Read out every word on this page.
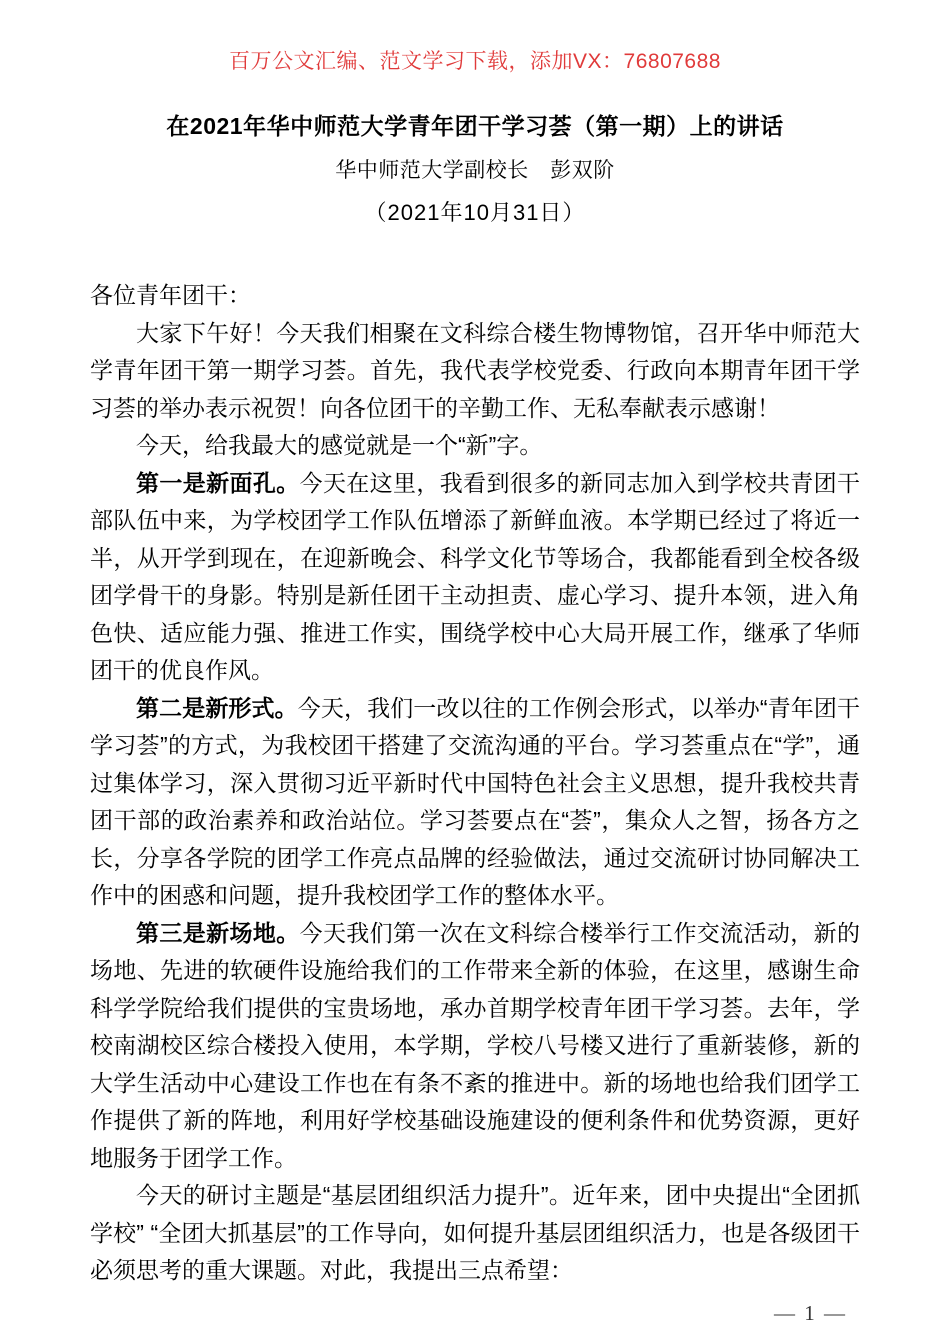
百万公文汇编、范文学习下载，添加VX：76807688
在2021年华中师范大学青年团干学习荟（第一期）上的讲话
华中师范大学副校长　彭双阶
（2021年10月31日）

各位青年团干：

大家下午好！今天我们相聚在文科综合楼生物博物馆，召开华中师范大学青年团干第一期学习荟。首先，我代表学校党委、行政向本期青年团干学习荟的举办表示祝贺！向各位团干的辛勤工作、无私奉献表示感谢！

今天，给我最大的感觉就是一个“新”字。

第一是新面孔。今天在这里，我看到很多的新同志加入到学校共青团干部队伍中来，为学校团学工作队伍增添了新鲜血液。本学期已经过了将近一半，从开学到现在，在迎新晚会、科学文化节等场合，我都能看到全校各级团学骨干的身影。特别是新任团干主动担责、虚心学习、提升本领，进入角色快、适应能力强、推进工作实，围绕学校中心大局开展工作，继承了华师团干的优良作风。

第二是新形式。今天，我们一改以往的工作例会形式，以举办“青年团干学习荟”的方式，为我校团干搭建了交流沟通的平台。学习荟重点在“学”，通过集体学习，深入贯彻习近平新时代中国特色社会主义思想，提升我校共青团干部的政治素养和政治站位。学习荟要点在“荟”，集众人之智，扬各方之长，分享各学院的团学工作亮点品牌的经验做法，通过交流研讨协同解决工作中的困惑和问题，提升我校团学工作的整体水平。

第三是新场地。今天我们第一次在文科综合楼举行工作交流活动，新的场地、先进的软硬件设施给我们的工作带来全新的体验，在这里，感谢生命科学学院给我们提供的宝贵场地，承办首期学校青年团干学习荟。去年，学校南湖校区综合楼投入使用，本学期，学校八号楼又进行了重新装修，新的大学生活动中心建设工作也在有条不紊的推进中。新的场地也给我们团学工作提供了新的阵地，利用好学校基础设施建设的便利条件和优势资源，更好地服务于团学工作。

今天的研讨主题是“基层团组织活力提升”。近年来，团中央提出“全团抓学校” “全团大抓基层”的工作导向，如何提升基层团组织活力，也是各级团干必须思考的重大课题。对此，我提出三点希望：

— 1 —
